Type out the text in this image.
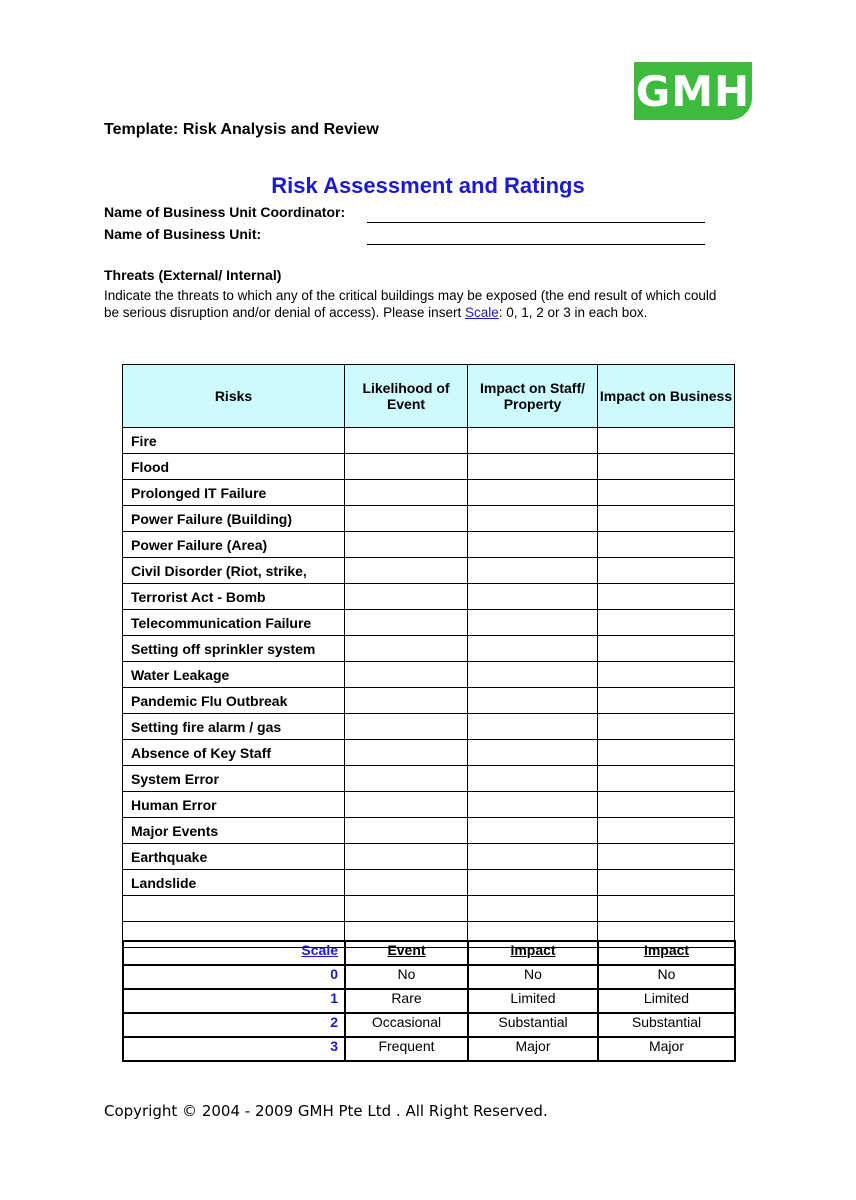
GMH
Template: Risk Analysis and Review
Risk Assessment and Ratings
Name of Business Unit Coordinator:
Name of Business Unit:
Threats (External/ Internal)
Indicate the threats to which any of the critical buildings may be exposed (the end result of which could be serious disruption and/or denial of access). Please insert Scale: 0, 1, 2 or 3 in each box.
Risks	Likelihood of Event	Impact on Staff/ Property	Impact on Business
Fire			
Flood			
Prolonged IT Failure			
Power Failure (Building)			
Power Failure (Area)			
Civil Disorder (Riot, strike,			
Terrorist Act - Bomb			
Telecommunication Failure			
Setting off sprinkler system			
Water Leakage			
Pandemic Flu Outbreak			
Setting fire alarm / gas			
Absence of Key Staff			
System Error			
Human Error			
Major Events			
Earthquake			
Landslide			

Scale	Event	Impact	Impact
0	No	No	No
1	Rare	Limited	Limited
2	Occasional	Substantial	Substantial
3	Frequent	Major	Major
Copyright © 2004 - 2009 GMH Pte Ltd . All Right Reserved.
